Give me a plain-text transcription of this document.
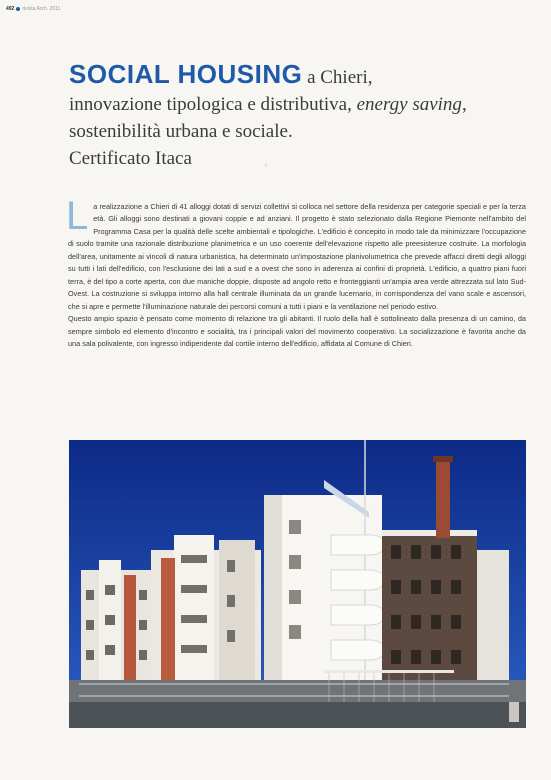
492 rivista Arch. 2011
SOCIAL HOUSING a Chieri,
innovazione tipologica e distributiva, energy saving, sostenibilità urbana e sociale.
Certificato Itaca	•

La realizzazione a Chieri di 41 alloggi dotati di servizi collettivi si colloca nel settore della residenza per categorie speciali e per la terza età. Gli alloggi sono destinati a giovani coppie e ad anziani. Il progetto è stato selezionato dalla Regione Piemonte nell'ambito del Programma Casa per la qualità delle scelte ambientali e tipologiche. L'edificio è concepito in modo tale da minimizzare l'occupazione di suolo tramite una razionale distribuzione planimetrica e un uso coerente dell'elevazione rispetto alle preesistenze costruite. La morfologia dell'area, unitamente ai vincoli di natura urbanistica, ha determinato un'impostazione planivolumetrica che prevede affacci diretti degli alloggi su tutti i lati dell'edificio, con l'esclusione dei lati a sud e a ovest che sono in aderenza ai confini di proprietà. L'edificio, a quattro piani fuori terra, è del tipo a corte aperta, con due maniche doppie, disposte ad angolo retto e fronteggianti un'ampia area verde attrezzata sul lato Sud-Ovest. La costruzione si sviluppa intorno alla hall centrale illuminata da un grande lucernario, in corrispondenza del vano scale e ascensori, che si apre e permette l'illuminazione naturale dei percorsi comuni a tutti i piani e la ventilazione nel periodo estivo.

Questo ampio spazio è pensato come momento di relazione tra gli abitanti. Il ruolo della hall è sottolineato dalla presenza di un camino, da sempre simbolo ed elemento d'incontro e socialità, tra i principali valori del movimento cooperativo. La socializzazione è favorita anche da una sala polivalente, con ingresso indipendente dal cortile interno dell'edificio, affidata al Comune di Chieri.
